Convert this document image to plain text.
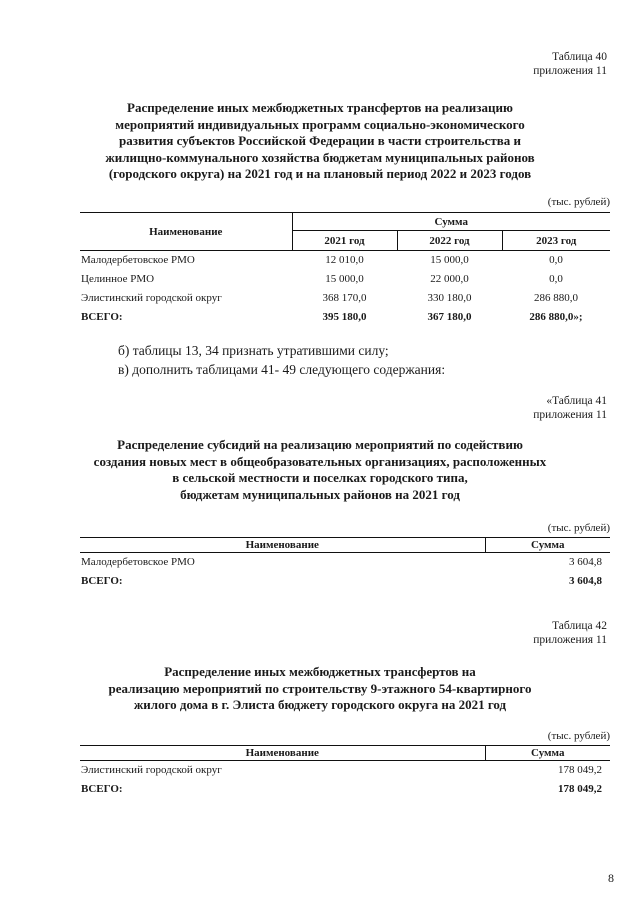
Таблица 40
приложения 11
Распределение иных межбюджетных трансфертов на реализацию
мероприятий индивидуальных программ социально-экономического
развития субъектов Российской Федерации в части строительства и
жилищно-коммунального хозяйства бюджетам муниципальных районов
(городского округа) на 2021 год и на плановый период 2022 и 2023 годов
(тыс. рублей)
Наименование	Сумма		
	2021 год	2022 год	2023 год
Малодербетовское РМО	12 010,0	15 000,0	0,0
Целинное РМО	15 000,0	22 000,0	0,0
Элистинский городской округ	368 170,0	330 180,0	286 880,0
ВСЕГО:	395 180,0	367 180,0	286 880,0»;
б) таблицы 13, 34 признать утратившими силу;
в) дополнить таблицами 41- 49 следующего содержания:
«Таблица 41
приложения 11
Распределение субсидий на реализацию мероприятий по содействию
создания новых мест в общеобразовательных организациях, расположенных
в сельской местности и поселках городского типа,
бюджетам муниципальных районов на 2021 год
(тыс. рублей)
Наименование	Сумма
Малодербетовское РМО	3 604,8
ВСЕГО:	3 604,8
Таблица 42
приложения 11
Распределение иных межбюджетных трансфертов на
реализацию мероприятий по строительству 9-этажного 54-квартирного
жилого дома в г. Элиста бюджету городского округа на 2021 год
(тыс. рублей)
Наименование	Сумма
Элистинский городской округ	178 049,2
ВСЕГО:	178 049,2
8
